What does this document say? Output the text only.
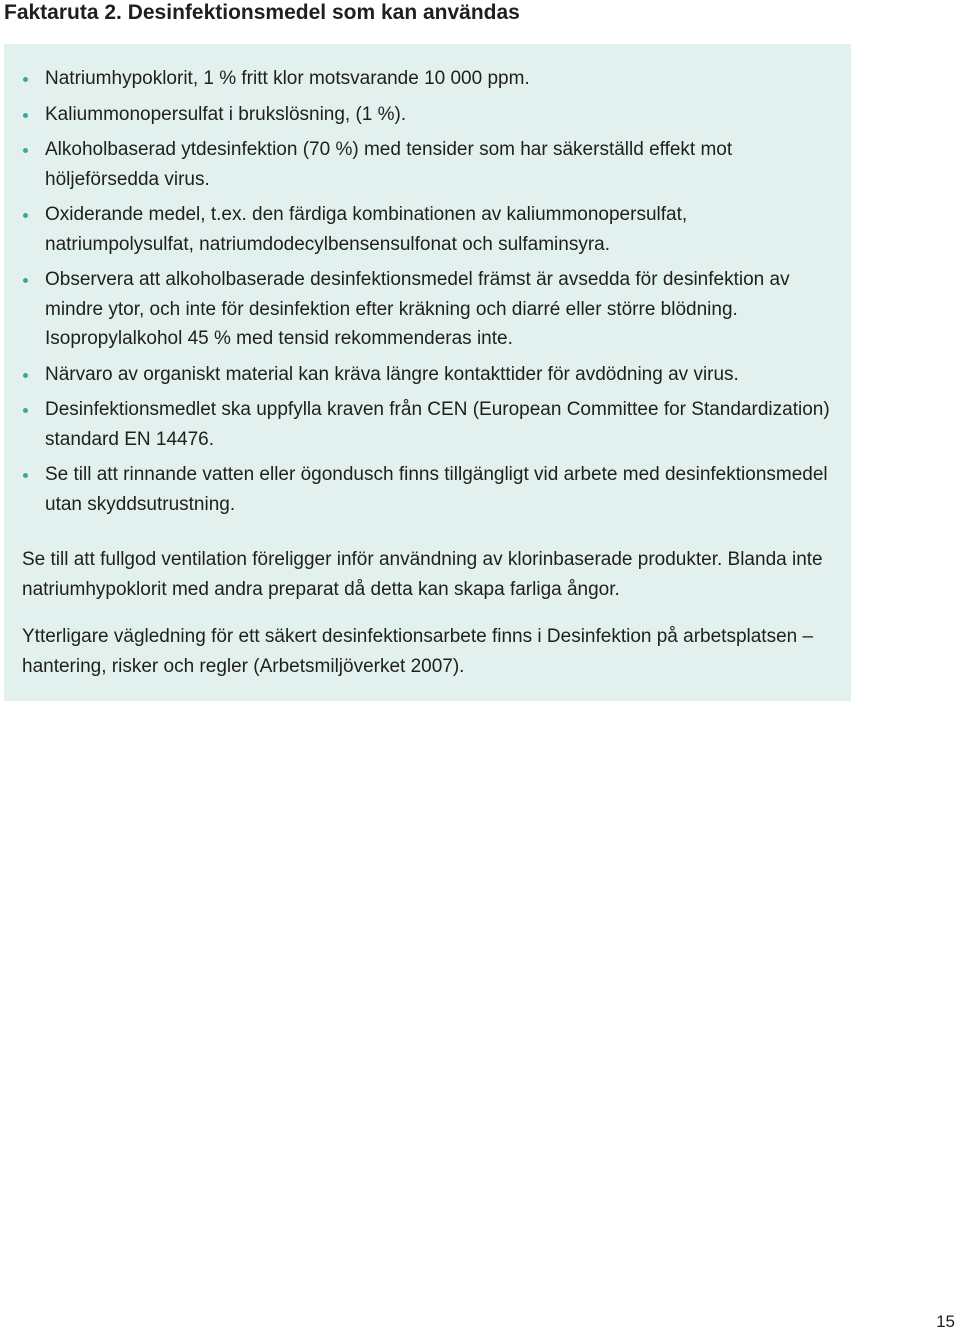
Faktaruta 2. Desinfektionsmedel som kan användas
Natriumhypoklorit, 1 % fritt klor motsvarande 10 000 ppm.
Kaliummonopersulfat i brukslösning, (1 %).
Alkoholbaserad ytdesinfektion (70 %) med tensider som har säkerställd effekt mot höljeförsedda virus.
Oxiderande medel, t.ex. den färdiga kombinationen av kaliummonopersulfat, natriumpolysulfat, natriumdodecylbensensulfonat och sulfaminsyra.
Observera att alkoholbaserade desinfektionsmedel främst är avsedda för desinfektion av mindre ytor, och inte för desinfektion efter kräkning och diarré eller större blödning. Isopropylalkohol 45 % med tensid rekommenderas inte.
Närvaro av organiskt material kan kräva längre kontakttider för avdödning av virus.
Desinfektionsmedlet ska uppfylla kraven från CEN (European Committee for Standardization) standard EN 14476.
Se till att rinnande vatten eller ögondusch finns tillgängligt vid arbete med desinfektionsmedel utan skyddsutrustning.

Se till att fullgod ventilation föreligger inför användning av klorinbaserade produkter. Blanda inte natriumhypoklorit med andra preparat då detta kan skapa farliga ångor.

Ytterligare vägledning för ett säkert desinfektionsarbete finns i Desinfektion på arbetsplatsen – hantering, risker och regler (Arbetsmiljöverket 2007).

15
